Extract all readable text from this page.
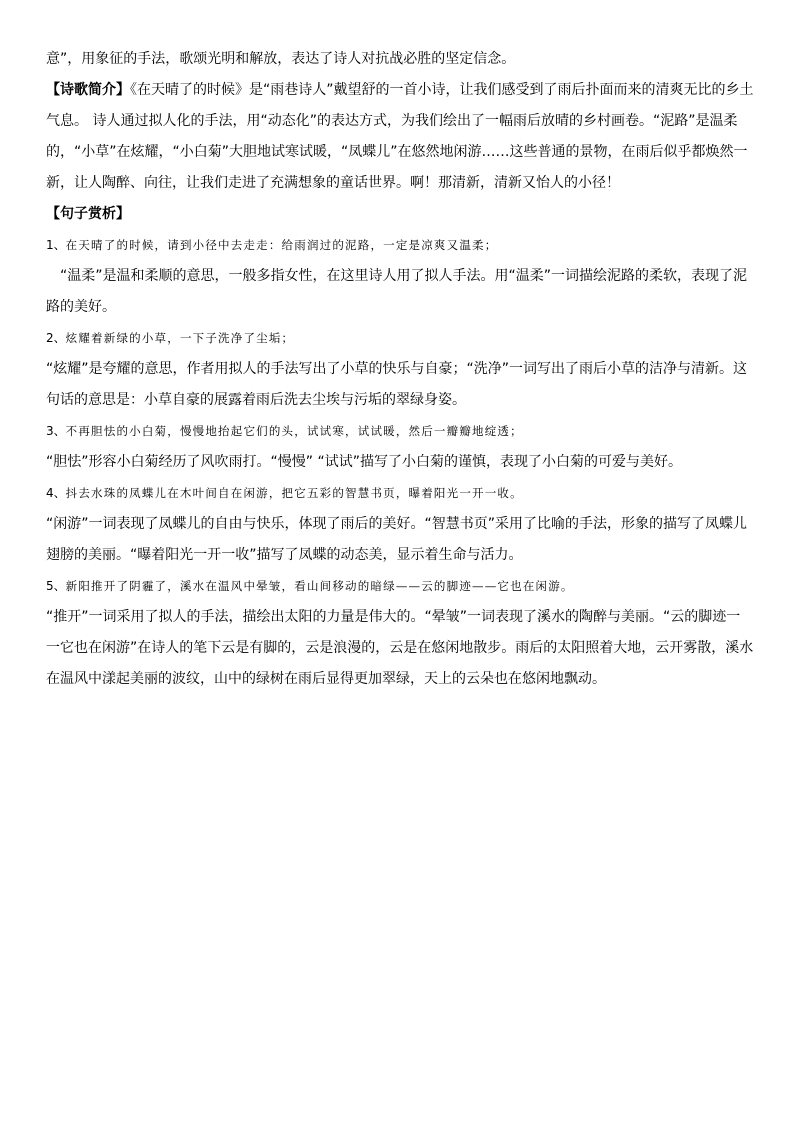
意”，用象征的手法，歌颂光明和解放，表达了诗人对抗战必胜的坚定信念。

【诗歌简介】《在天晴了的时候》是“雨巷诗人”戴望舒的一首小诗，让我们感受到了雨后扑面而来的清爽无比的乡土气息。 诗人通过拟人化的手法，用“动态化”的表达方式，为我们绘出了一幅雨后放晴的乡村画卷。“泥路”是温柔的，“小草”在炫耀，“小白菊”大胆地试寒试暖，“凤蝶儿”在悠然地闲游……这些普通的景物，在雨后似乎都焕然一新，让人陶醉、向往，让我们走进了充满想象的童话世界。啊！那清新，清新又怡人的小径！

【句子赏析】

1、在天晴了的时候，请到小径中去走走：给雨润过的泥路，一定是凉爽又温柔；

“温柔”是温和柔顺的意思，一般多指女性，在这里诗人用了拟人手法。用“温柔”一词描绘泥路的柔软，表现了泥路的美好。

2、炫耀着新绿的小草，一下子洗净了尘垢；

“炫耀”是夸耀的意思，作者用拟人的手法写出了小草的快乐与自豪；“洗净”一词写出了雨后小草的洁净与清新。这句话的意思是：小草自豪的展露着雨后洗去尘埃与污垢的翠绿身姿。

3、不再胆怯的小白菊，慢慢地抬起它们的头，试试寒，试试暖，然后一瓣瓣地绽透；

“胆怯”形容小白菊经历了风吹雨打。“慢慢” “试试”描写了小白菊的谨慎，表现了小白菊的可爱与美好。

4、抖去水珠的凤蝶儿在木叶间自在闲游，把它五彩的智慧书页，曝着阳光一开一收。

“闲游”一词表现了凤蝶儿的自由与快乐，体现了雨后的美好。“智慧书页”采用了比喻的手法，形象的描写了凤蝶儿翅膀的美丽。“曝着阳光一开一收”描写了凤蝶的动态美，显示着生命与活力。

5、新阳推开了阴霾了，溪水在温风中晕皱，看山间移动的暗绿——云的脚迹——它也在闲游。

“推开”一词采用了拟人的手法，描绘出太阳的力量是伟大的。“晕皱”一词表现了溪水的陶醉与美丽。“云的脚迹一一它也在闲游”在诗人的笔下云是有脚的，云是浪漫的，云是在悠闲地散步。雨后的太阳照着大地，云开雾散，溪水在温风中漾起美丽的波纹，山中的绿树在雨后显得更加翠绿，天上的云朵也在悠闲地飘动。
